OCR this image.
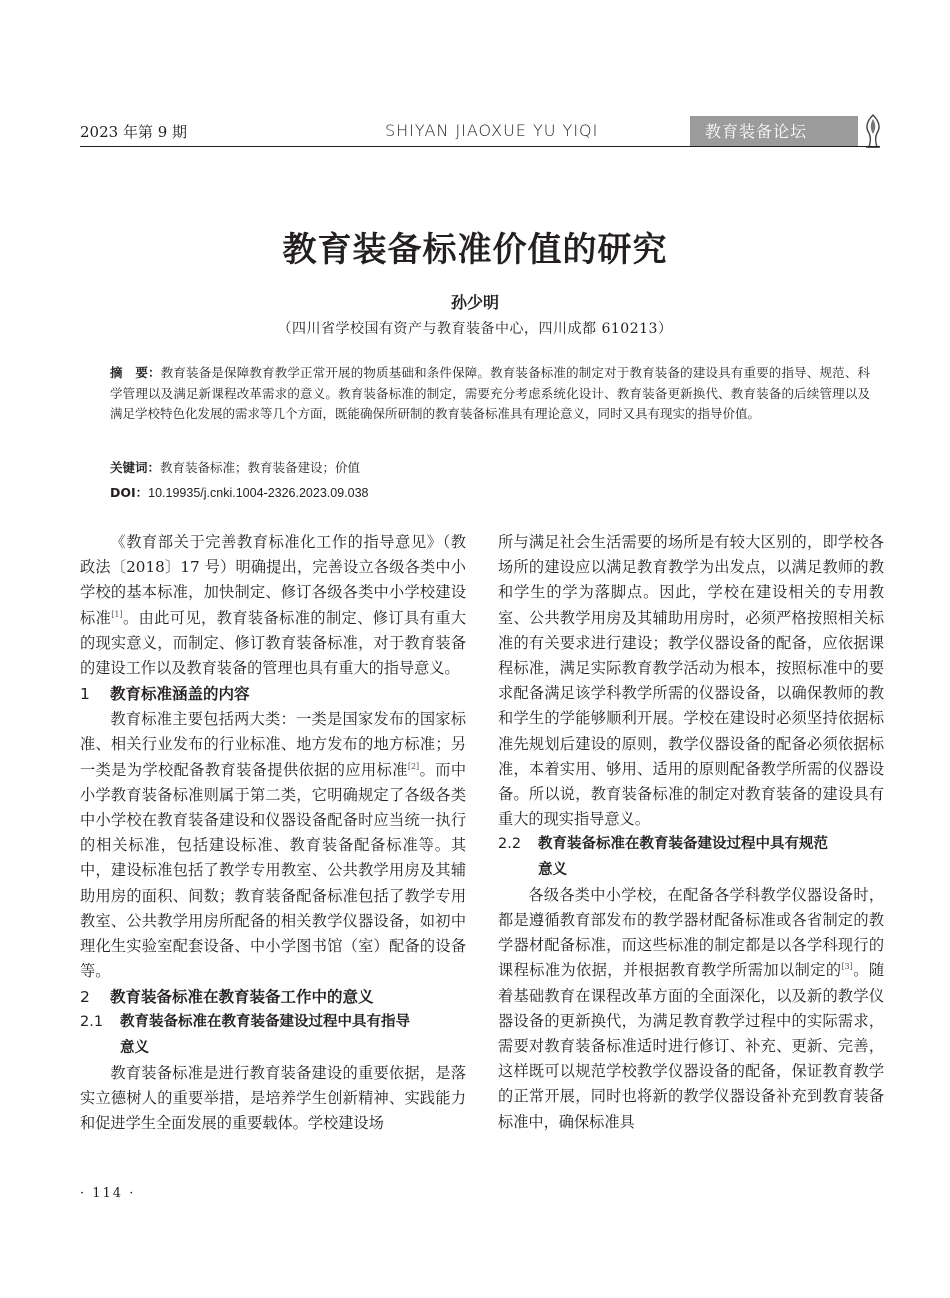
2023 年第 9 期	SHIYAN JIAOXUE YU YIQI	教育装备论坛
教育装备标准价值的研究
孙少明
（四川省学校国有资产与教育装备中心，四川成都 610213）
摘　要：教育装备是保障教育教学正常开展的物质基础和条件保障。教育装备标准的制定对于教育装备的建设具有重要的指导、规范、科学管理以及满足新课程改革需求的意义。教育装备标准的制定，需要充分考虑系统化设计、教育装备更新换代、教育装备的后续管理以及满足学校特色化发展的需求等几个方面，既能确保所研制的教育装备标准具有理论意义，同时又具有现实的指导价值。
关键词：教育装备标准；教育装备建设；价值
DOI：10.19935/j.cnki.1004-2326.2023.09.038

《教育部关于完善教育标准化工作的指导意见》（教政法〔2018〕17 号）明确提出，完善设立各级各类中小学校的基本标准，加快制定、修订各级各类中小学校建设标准[1]。由此可见，教育装备标准的制定、修订具有重大的现实意义，而制定、修订教育装备标准，对于教育装备的建设工作以及教育装备的管理也具有重大的指导意义。

1 教育标准涵盖的内容

教育标准主要包括两大类：一类是国家发布的国家标准、相关行业发布的行业标准、地方发布的地方标准；另一类是为学校配备教育装备提供依据的应用标准[2]。而中小学教育装备标准则属于第二类，它明确规定了各级各类中小学校在教育装备建设和仪器设备配备时应当统一执行的相关标准，包括建设标准、教育装备配备标准等。其中，建设标准包括了教学专用教室、公共教学用房及其辅助用房的面积、间数；教育装备配备标准包括了教学专用教室、公共教学用房所配备的相关教学仪器设备，如初中理化生实验室配套设备、中小学图书馆（室）配备的设备等。

2 教育装备标准在教育装备工作中的意义

2.1 教育装备标准在教育装备建设过程中具有指导

意义

教育装备标准是进行教育装备建设的重要依据，是落实立德树人的重要举措，是培养学生创新精神、实践能力和促进学生全面发展的重要载体。学校建设场

所与满足社会生活需要的场所是有较大区别的，即学校各场所的建设应以满足教育教学为出发点，以满足教师的教和学生的学为落脚点。因此，学校在建设相关的专用教室、公共教学用房及其辅助用房时，必须严格按照相关标准的有关要求进行建设；教学仪器设备的配备，应依据课程标准，满足实际教育教学活动为根本，按照标准中的要求配备满足该学科教学所需的仪器设备，以确保教师的教和学生的学能够顺利开展。学校在建设时必须坚持依据标准先规划后建设的原则，教学仪器设备的配备必须依据标准，本着实用、够用、适用的原则配备教学所需的仪器设备。所以说，教育装备标准的制定对教育装备的建设具有重大的现实指导意义。

2.2 教育装备标准在教育装备建设过程中具有规范

意义

各级各类中小学校，在配备各学科教学仪器设备时，都是遵循教育部发布的教学器材配备标准或各省制定的教学器材配备标准，而这些标准的制定都是以各学科现行的课程标准为依据，并根据教育教学所需加以制定的[3]。随着基础教育在课程改革方面的全面深化，以及新的教学仪器设备的更新换代，为满足教育教学过程中的实际需求，需要对教育装备标准适时进行修订、补充、更新、完善，这样既可以规范学校教学仪器设备的配备，保证教育教学的正常开展，同时也将新的教学仪器设备补充到教育装备标准中，确保标准具

· 114 ·
